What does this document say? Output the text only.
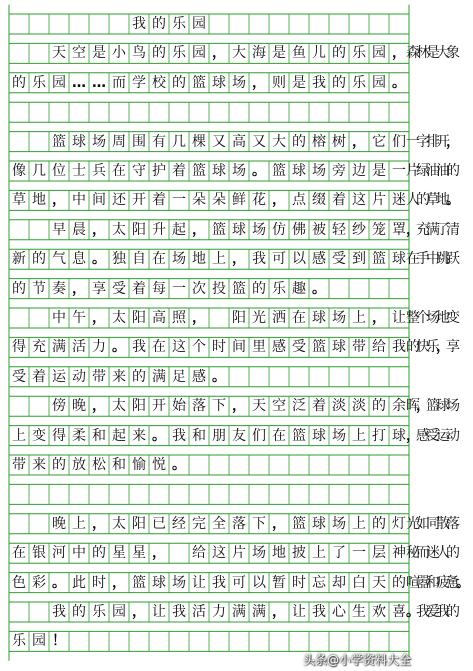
我 的 乐 园
天 空 是 小 鸟 的 乐 园 ， 大 海 是 鱼 儿 的 乐 园 ， 森
林
是
大
象
的 乐 园 … … 而 学 校 的 篮 球 场 ， 则 是 我 的 乐 园 。
篮 球 场 周 围 有 几 棵 又 高 又 大 的 榕 树 ， 它 们 一
字
排
开
，
像 几 位 士 兵 在 守 护 着 篮 球 场 。 篮 球 场 旁 边 是 一 片
绿
油
油
的
草 地 ， 中 间 还 开 着 一 朵 朵 鲜 花 ， 点 缀 着 这 片 迷 人
的
草
地
。
早 晨 ， 太 阳 升 起 ， 篮 球 场 仿 佛 被 轻 纱 笼 罩 ，
充
满
了
清
新 的 气 息 。 独 自 在 场 地 上 ， 我 可 以 感 受 到 篮 球 在
手
中
跳
跃
的 节 奏 ， 享 受 着 每 一 次 投 篮 的 乐 趣 。
中 午 ， 太 阳 高 照 ， 阳 光 洒 在 球 场 上 ， 让 整
个
场
地
变
得 充 满 活 力 。 我 在 这 个 时 间 里 感 受 篮 球 带 给 我 的
快
乐
，
享
受 着 运 动 带 来 的 满 足 感 。
傍 晚 ， 太 阳 开 始 落 下 ， 天 空 泛 着 淡 淡 的 余 晖
，
篮
球
场
上 变 得 柔 和 起 来 。 我 和 朋 友 们 在 篮 球 场 上 打 球 ，
感
受
运
动
带 来 的 放 松 和 愉 悦 。
晚 上 ， 太 阳 已 经 完 全 落 下 ， 篮 球 场 上 的 灯 光
如
同
散
落
在 银 河 中 的 星 星 ， 给 这 片 场 地 披 上 了 一 层 神 秘
而
迷
人
的
色 彩 。 此 时 ， 篮 球 场 让 我 可 以 暂 时 忘 却 白 天 的 喧
嚣
和
疲
惫
。
我 的 乐 园 ， 让 我 活 力 满 满 ， 让 我 心 生 欢 喜 。
我
爱
我
的
乐 园 ！
头条@小学资料大全
